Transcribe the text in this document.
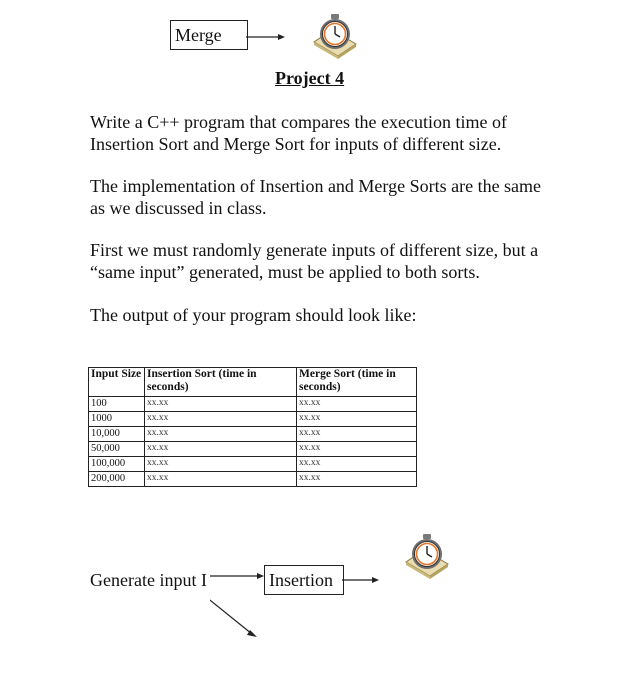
Merge
Project 4
Write a C++ program that compares the execution time of Insertion Sort and Merge Sort for inputs of different size.
The implementation of Insertion and Merge Sorts are the same as we discussed in class.
First we must randomly generate inputs of different size, but a “same input” generated, must be applied to both sorts.
The output of your program should look like:
Input Size	Insertion Sort (time in seconds)	Merge Sort (time in seconds)
100	xx.xx	xx.xx
1000	xx.xx	xx.xx
10,000	xx.xx	xx.xx
50,000	xx.xx	xx.xx
100,000	xx.xx	xx.xx
200,000	xx.xx	xx.xx
Generate input I	Insertion
